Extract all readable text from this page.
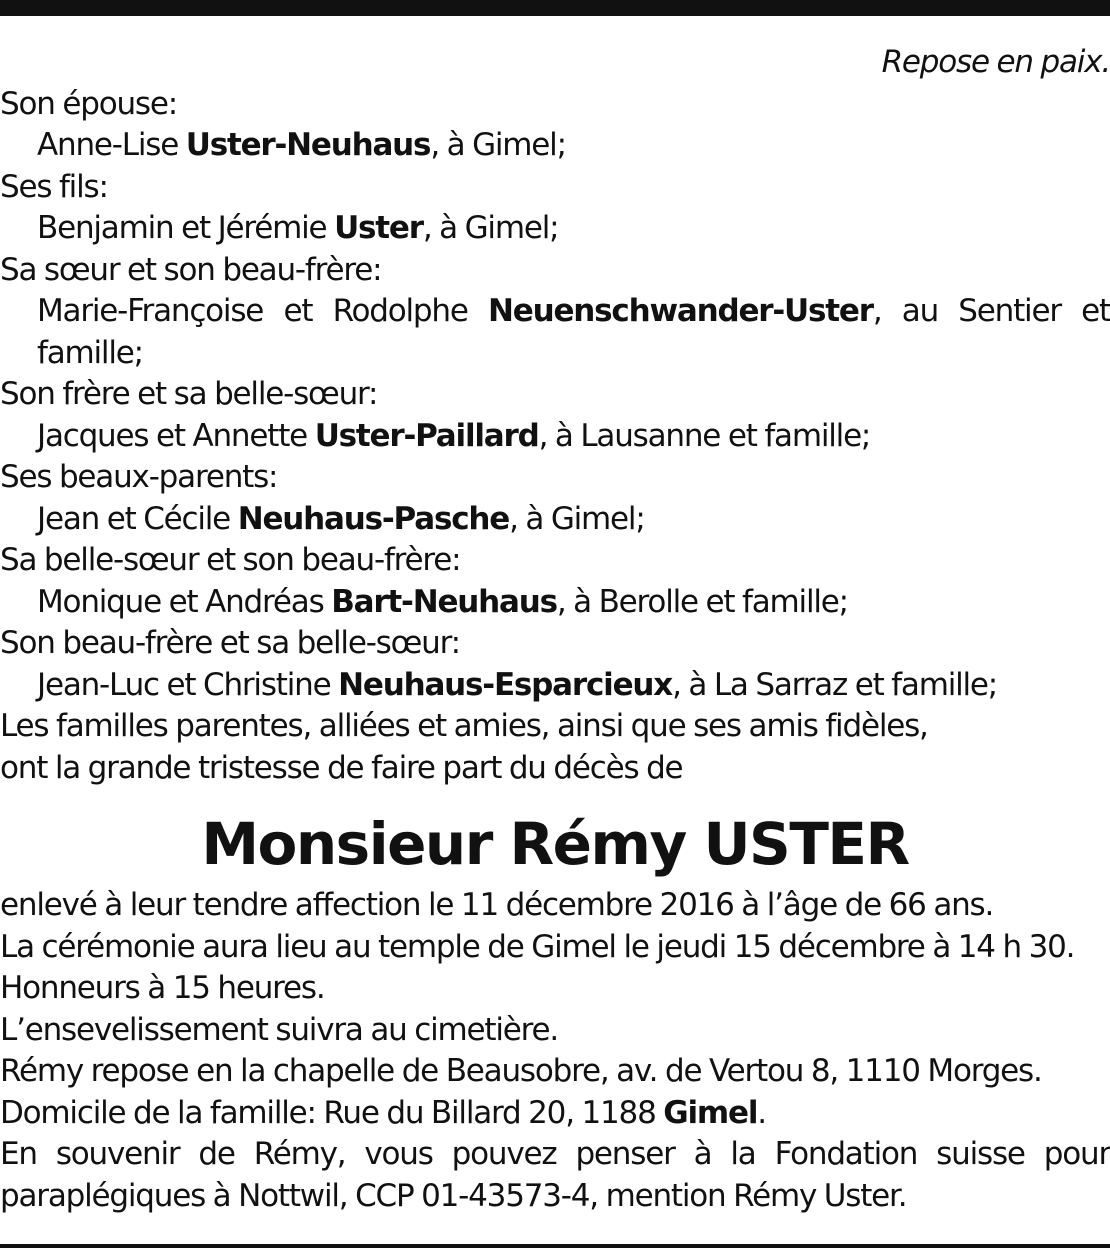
Repose en paix.
Son épouse:
Anne-Lise Uster-Neuhaus, à Gimel;
Ses fils:
Benjamin et Jérémie Uster, à Gimel;
Sa sœur et son beau-frère:
Marie-Françoise et Rodolphe Neuenschwander-Uster, au Sentier et famille;
Son frère et sa belle-sœur:
Jacques et Annette Uster-Paillard, à Lausanne et famille;
Ses beaux-parents:
Jean et Cécile Neuhaus-Pasche, à Gimel;
Sa belle-sœur et son beau-frère:
Monique et Andréas Bart-Neuhaus, à Berolle et famille;
Son beau-frère et sa belle-sœur:
Jean-Luc et Christine Neuhaus-Esparcieux, à La Sarraz et famille;
Les familles parentes, alliées et amies, ainsi que ses amis fidèles,
ont la grande tristesse de faire part du décès de
Monsieur Rémy USTER
enlevé à leur tendre affection le 11 décembre 2016 à l’âge de 66 ans.
La cérémonie aura lieu au temple de Gimel le jeudi 15 décembre à 14 h 30.
Honneurs à 15 heures.
L’ensevelissement suivra au cimetière.
Rémy repose en la chapelle de Beausobre, av. de Vertou 8, 1110 Morges.
Domicile de la famille: Rue du Billard 20, 1188 Gimel.
En souvenir de Rémy, vous pouvez penser à la Fondation suisse pour paraplégiques à Nottwil, CCP 01-43573-4, mention Rémy Uster.
